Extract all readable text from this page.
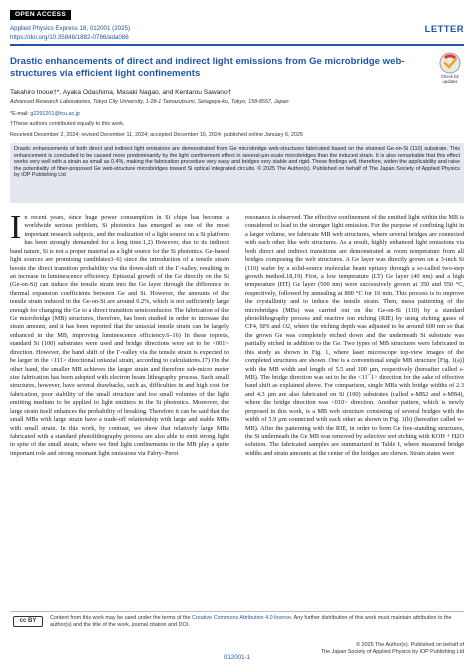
OPEN ACCESS
Applied Physics Express 18, 012001 (2025)
https://doi.org/10.35848/1882-0786/ada086
LETTER
Check for updates
Drastic enhancements of direct and indirect light emissions from Ge microbridge web-structures via efficient light confinements
Takahiro Inoue†*, Ayaka Odashima, Masaki Nagao, and Kentarou Sawano†
Advanced Research Laboratories, Tokyo City University, 1-28-1 Tamazutsumi, Setagaya-ku, Tokyo, 158-8557, Japan
*E-mail: g2291201@tcu.ac.jp
†These authors contributed equally to this work.
Received December 2, 2024; revised December 11, 2024; accepted December 16, 2024; published online January 6, 2025
Drastic enhancements of both direct and indirect light emissions are demonstrated from Ge microbridge web-structures fabricated based on the strained Ge-on-Si (110) substrate. This enhancement is concluded to be caused more predominantly by the light confinement effect in several-µm-scale microbridges than the induced strain. It is also remarkable that this effect works very well with a strain as small as 0.4%, making the fabrication procedure very easy and bridges very stable and rigid. These findings will, therefore, widen the applicability and raise the potentiality of fiber-proposed Ge web-structure microbridges toward Si optical integrated circuits. © 2025 The Author(s). Published on behalf of The Japan Society of Applied Physics by IOP Publishing Ltd

In recent years, since huge power consumption in Si chips has become a worldwide serious problem, Si photonics has emerged as one of the most important research subjects, and the realization of a light source on a Si platform has been strongly demanded for a long time.1,2) However, due to its indirect band nature, Si is not a proper material as a light source for the Si photonics. Ge-based light sources are promising candidates3–6) since the introduction of a tensile strain boosts the direct transition probability via the down-shift of the Γ-valley, resulting in an increase in luminescence efficiency. Epitaxial growth of the Ge directly on the Si (Ge-on-Si) can induce the tensile strain into the Ge layer through the difference in thermal expansion coefficients between Ge and Si. However, the amounts of the tensile strain induced in the Ge-on-Si are around 0.2%, which is not sufficiently large enough for changing the Ge to a direct transition semiconductor. The fabrication of the Ge microbridge (MB) structures, therefore, has been studied in order to increase the strain amount, and it has been reported that the uniaxial tensile strain can be largely enhanced in the MB, improving luminescence efficiency.6–16) In these reports, standard Si (100) substrates were used and bridge directions were set to be <001> direction. However, the band shift of the Γ-valley via the tensile strain is expected to be larger in the <111> directional uniaxial strain, according to calculations.17) On the other hand, the smaller MB achieves the larger strain and therefore sub-micro meter size fabrication has been adopted with electron beam lithography process. Such small structures, however, have several drawbacks, such as, difficulties in and high cost for fabrication, poor stability of the small structure and too small volumes of the light emitting medium to be applied to light emitters in the Si photonics. Moreover, the large strain itself enhances the probability of breaking. Therefore it can be said that the small MBs with large strain have a trade-off relationship with large and stable MBs with small strain. In this work, by contrast, we show that relatively large MBs fabricated with a standard photolithography process are also able to emit strong light in spite of the small strain, where we find light confinements in the MB play a quite important role and strong resonant light emissions via Fabry–Perot

resonance is observed. The effective confinement of the emitted light within the MB is considered to lead to the stronger light emission. For the purpose of confining light in a larger volume, we fabricate MB web structures, where several bridges are connected with each other like web structures. As a result, highly enhanced light emissions via both direct and indirect transitions are demonstrated at room temperature from all bridges composing the web structures. A Ge layer was directly grown on a 3-inch Si (110) wafer by a solid-source molecular beam epitaxy through a so-called two-step growth method.18,19) First, a low temperature (LT) Ge layer (40 nm) and a high temperature (HT) Ge layer (500 nm) were successively grown at 350 and 550 °C, respectively, followed by annealing at 800 °C for 10 min. This process is to improve the crystallinity and to induce the tensile strain. Then, mesa patterning of the microbridges (MBs) was carried out on the Ge-on-Si (110) by a standard photolithography process and reactive ion etching (RIE) by using etching gases of CF4, SF6 and O2, where the etching depth was adjusted to be around 600 nm so that the grown Ge was completely etched down and the underneath Si substrate was partially etched in addition to the Ge. Two types of MB structures were fabricated in this study as shown in Fig. 1, where laser microscope top-view images of the completed structures are shown. One is a conventional single MB structure [Fig. 1(a)] with the MB width and length of 5.5 and 100 µm, respectively (hereafter called s-MB). The bridge direction was set to be the <11¯1> direction for the sake of effective band shift as explained above. For comparison, single MBs with bridge widths of 2.3 and 4.3 µm are also fabricated on Si (100) substrates (called s-MB2 and s-MB4), where the bridge direction was <010> direction. Another pattern, which is newly proposed in this work, is a MB web structure consisting of several bridges with the width of 5.9 µm connected with each other as shown in Fig. 1(b) (hereafter called w-MB). After the patterning with the RIE, in order to form Ge free-standing structures, the Si underneath the Ge MB was removed by selective wet etching with KOH + H2O solution. The fabricated samples are summarized in Table I, where measured bridge widths and strain amounts at the center of the bridges are shown. Strain states were

cc BY	Content from this work may be used under the terms of the Creative Commons Attribution 4.0 license. Any further distribution of this work must maintain attribution to the author(s) and the title of the work, journal citation and DOI.
© 2025 The Author(s). Published on behalf of
The Japan Society of Applied Physics by IOP Publishing Ltd
012001-1
